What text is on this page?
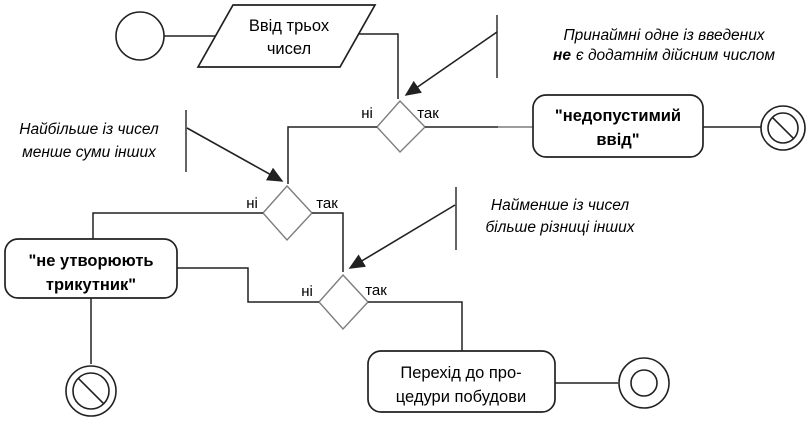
Ввід трьох
чисел
ні	так
Принаймні одне із введених
не є додатнім дійсним числом
"недопустимий
ввід"
Найбільше із чисел
менше суми інших
ні	так	Найменше із чисел
більше різниці інших
"не утворюють
трикутник"	ні	так
Перехід до про-
цедури побудови
